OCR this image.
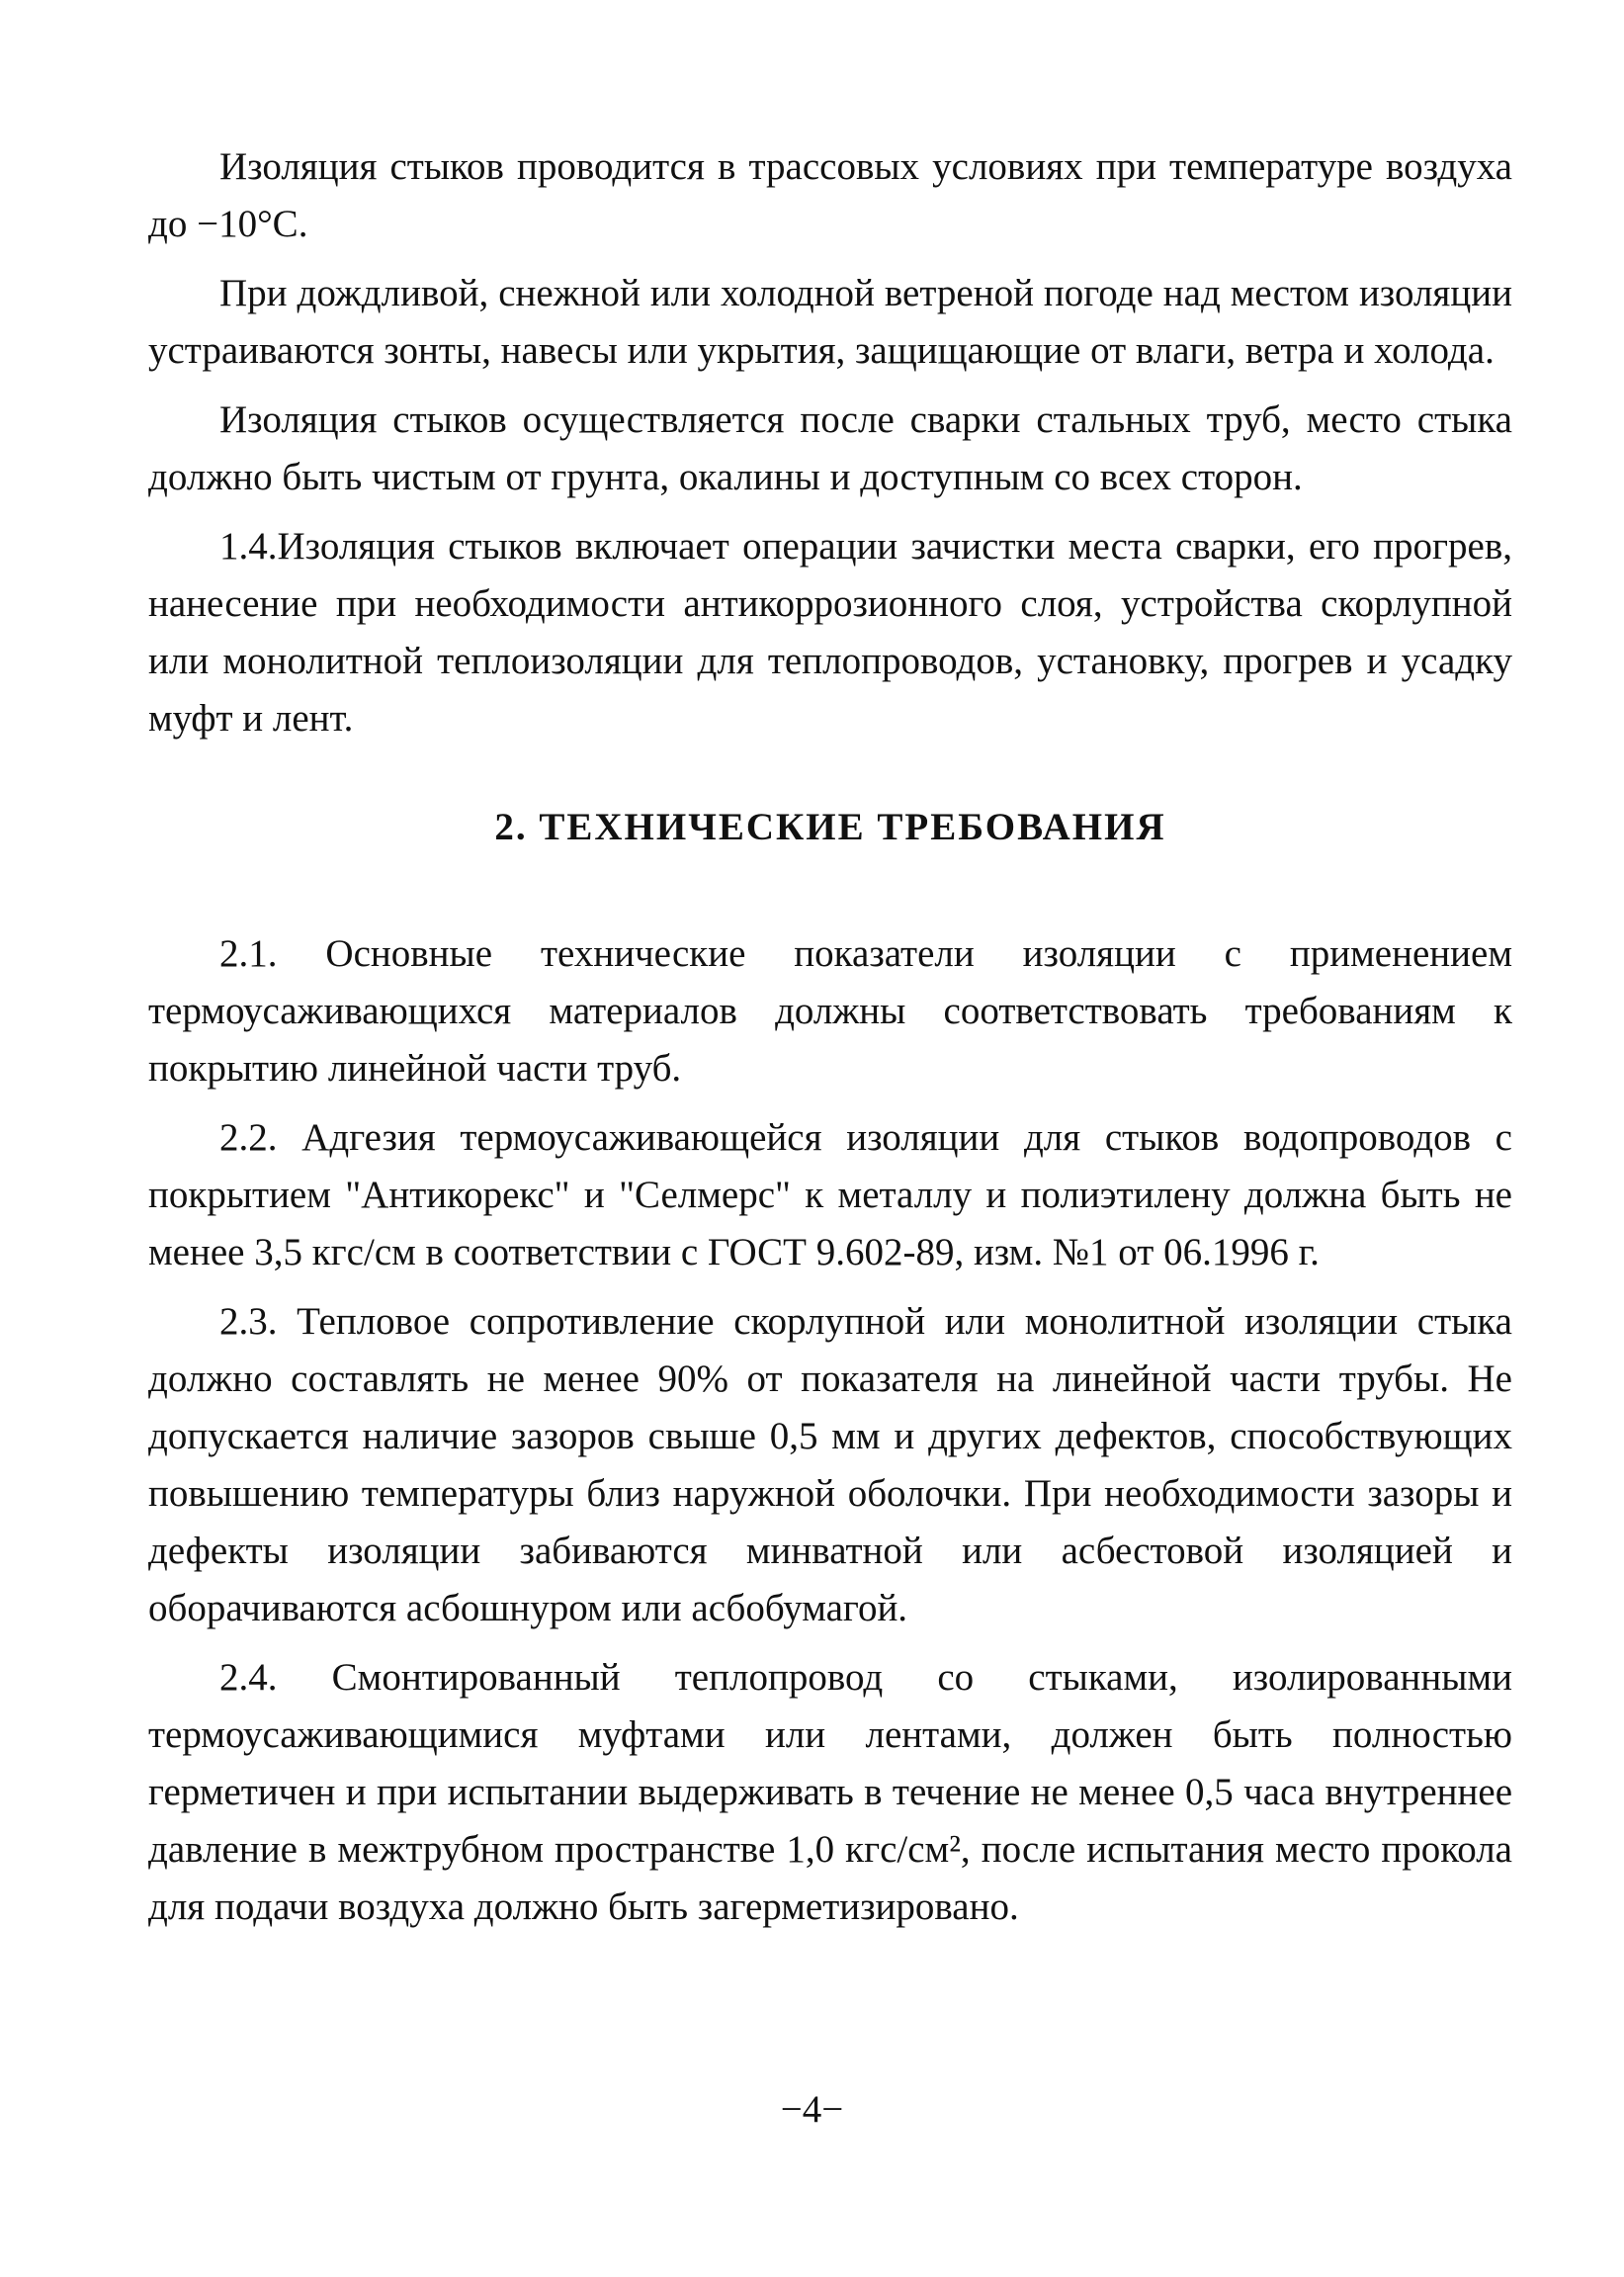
Изоляция стыков проводится в трассовых условиях при температуре воздуха до −10°С.

При дождливой, снежной или холодной ветреной погоде над местом изоляции устраиваются зонты, навесы или укрытия, защищающие от влаги, ветра и холода.

Изоляция стыков осуществляется после сварки стальных труб, место стыка должно быть чистым от грунта, окалины и доступным со всех сторон.

1.4.Изоляция стыков включает операции зачистки места сварки, его прогрев, нанесение при необходимости антикоррозионного слоя, устройства скорлупной или монолитной теплоизоляции для теплопроводов, установку, прогрев и усадку муфт и лент.

2. ТЕХНИЧЕСКИЕ ТРЕБОВАНИЯ

2.1. Основные технические показатели изоляции с применением термоусаживающихся материалов должны соответствовать требованиям к покрытию линейной части труб.

2.2. Адгезия термоусаживающейся изоляции для стыков водопроводов с покрытием "Антикорекс" и "Селмерс" к металлу и полиэтилену должна быть не менее 3,5 кгс/см в соответствии с ГОСТ 9.602-89, изм. №1 от 06.1996 г.

2.3. Тепловое сопротивление скорлупной или монолитной изоляции стыка должно составлять не менее 90% от показателя на линейной части трубы. Не допускается наличие зазоров свыше 0,5 мм и других дефектов, способствующих повышению температуры близ наружной оболочки. При необходимости зазоры и дефекты изоляции забиваются минватной или асбестовой изоляцией и оборачиваются асбошнуром или асбобумагой.

2.4. Смонтированный теплопровод со стыками, изолированными термоусаживающимися муфтами или лентами, должен быть полностью герметичен и при испытании выдерживать в течение не менее 0,5 часа внутреннее давление в межтрубном пространстве 1,0 кгс/см², после испытания место прокола для подачи воздуха должно быть загерметизировано.

−4−
